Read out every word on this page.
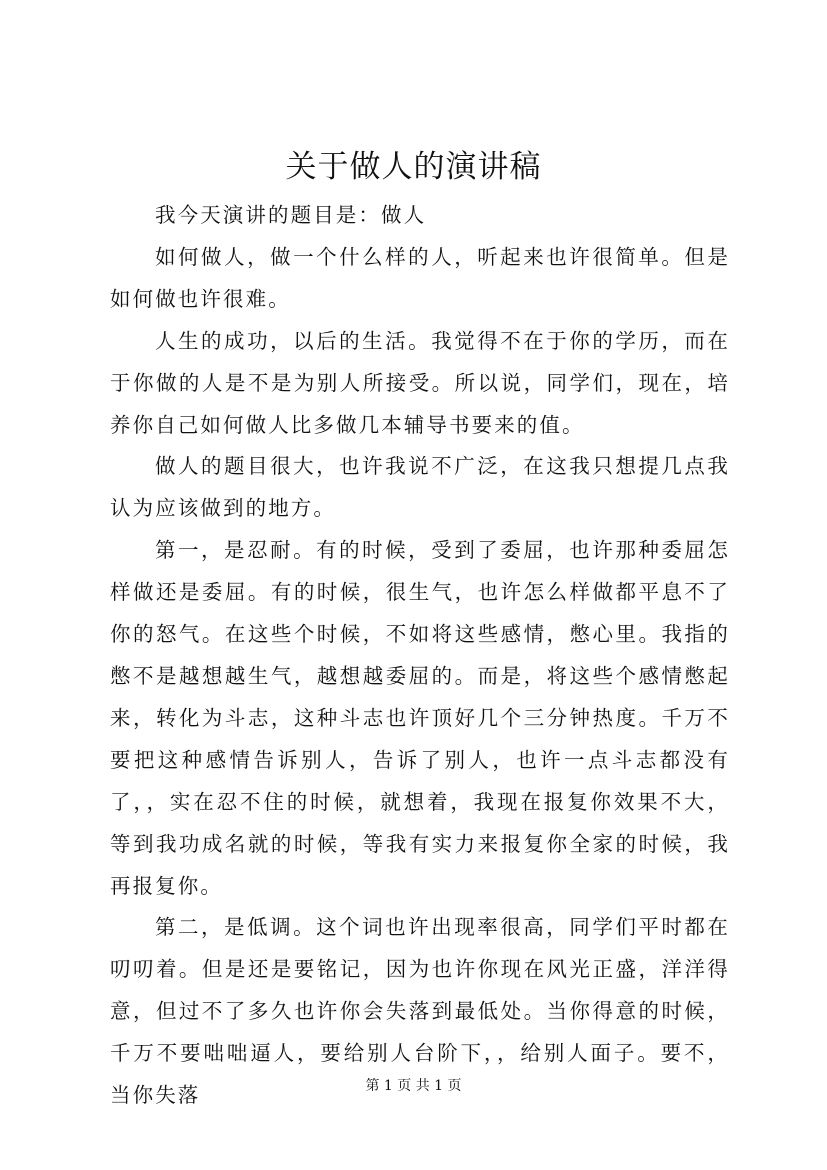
关于做人的演讲稿

我今天演讲的题目是：做人

如何做人，做一个什么样的人，听起来也许很简单。但是如何做也许很难。

人生的成功，以后的生活。我觉得不在于你的学历，而在于你做的人是不是为别人所接受。所以说，同学们，现在，培养你自己如何做人比多做几本辅导书要来的值。

做人的题目很大，也许我说不广泛，在这我只想提几点我认为应该做到的地方。

第一，是忍耐。有的时候，受到了委屈，也许那种委屈怎样做还是委屈。有的时候，很生气，也许怎么样做都平息不了你的怒气。在这些个时候，不如将这些感情，憋心里。我指的憋不是越想越生气，越想越委屈的。而是，将这些个感情憋起来，转化为斗志，这种斗志也许顶好几个三分钟热度。千万不要把这种感情告诉别人，告诉了别人，也许一点斗志都没有了，，实在忍不住的时候，就想着，我现在报复你效果不大，等到我功成名就的时候，等我有实力来报复你全家的时候，我再报复你。

第二，是低调。这个词也许出现率很高，同学们平时都在叨叨着。但是还是要铭记，因为也许你现在风光正盛，洋洋得意，但过不了多久也许你会失落到最低处。当你得意的时候，千万不要咄咄逼人，要给别人台阶下，，给别人面子。要不，当你失落	第 1 页 共 1 页
